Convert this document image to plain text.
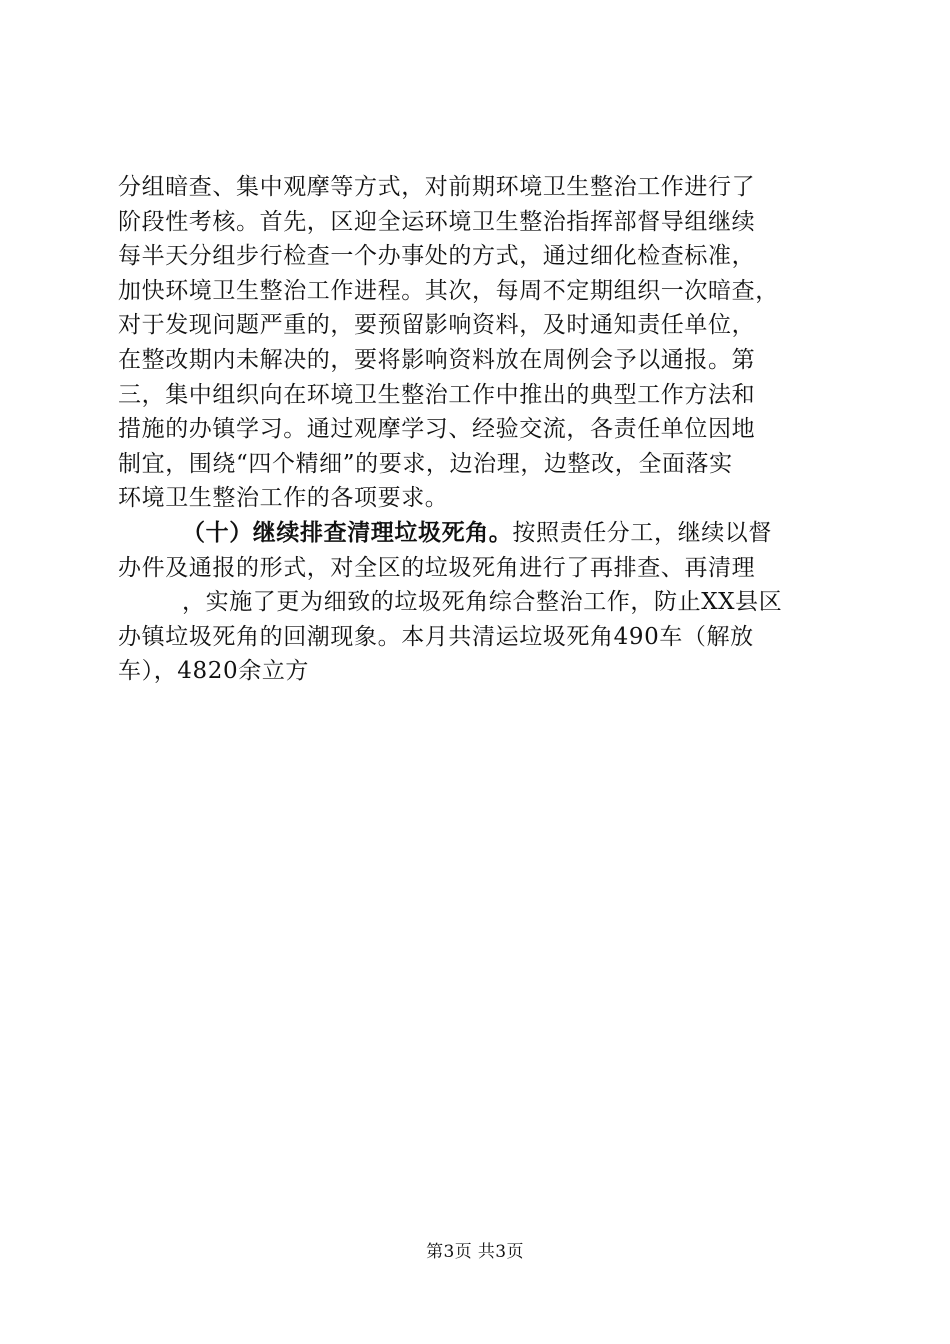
分组暗查、集中观摩等方式，对前期环境卫生整治工作进行了
阶段性考核。首先，区迎全运环境卫生整治指挥部督导组继续
每半天分组步行检查一个办事处的方式，通过细化检查标准，
加快环境卫生整治工作进程。其次，每周不定期组织一次暗查，
对于发现问题严重的，要预留影响资料，及时通知责任单位，
在整改期内未解决的，要将影响资料放在周例会予以通报。第
三，集中组织向在环境卫生整治工作中推出的典型工作方法和
措施的办镇学习。通过观摩学习、经验交流，各责任单位因地
制宜，围绕“四个精细”的要求，边治理，边整改，全面落实
环境卫生整治工作的各项要求。
（十）继续排查清理垃圾死角。按照责任分工，继续以督
办件及通报的形式，对全区的垃圾死角进行了再排查、再清理
，实施了更为细致的垃圾死角综合整治工作，防止XX县区
办镇垃圾死角的回潮现象。本月共清运垃圾死角490车（解放
车），4820余立方
第3页 共3页
